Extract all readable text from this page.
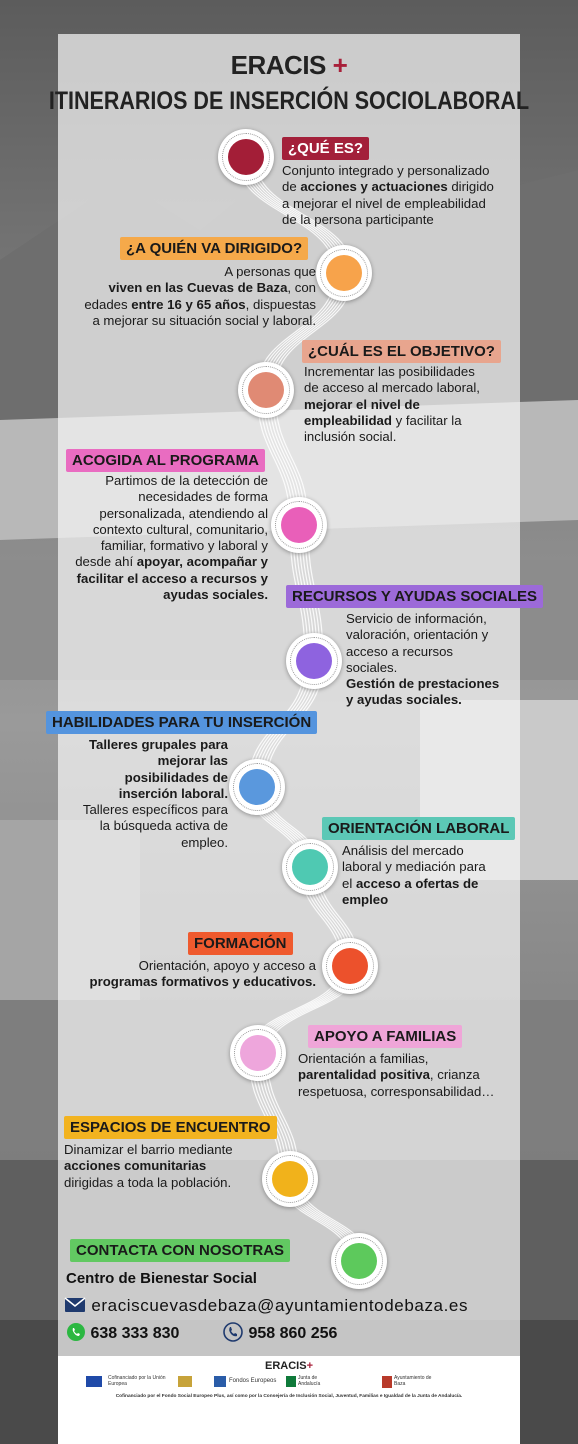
ERACIS +
ITINERARIOS DE INSERCIÓN SOCIOLABORAL
¿QUÉ ES?
Conjunto integrado y personalizado
de acciones y actuaciones dirigido
a mejorar el nivel de empleabilidad
de la persona participante
¿A QUIÉN VA DIRIGIDO?
A personas que
viven en las Cuevas de Baza, con
edades entre 16 y 65 años, dispuestas
a mejorar su situación social y laboral.
¿CUÁL ES EL OBJETIVO?
Incrementar las posibilidades
de acceso al mercado laboral,
mejorar el nivel de
empleabilidad y facilitar la
inclusión social.
ACOGIDA AL PROGRAMA
Partimos de la detección de
necesidades de forma
personalizada, atendiendo al
contexto cultural, comunitario,
familiar, formativo y laboral y
desde ahí apoyar, acompañar y
facilitar el acceso a recursos y
ayudas sociales.	RECURSOS Y AYUDAS SOCIALES
Servicio de información,
valoración, orientación y
acceso a recursos
sociales.
Gestión de prestaciones
y ayudas sociales.
HABILIDADES PARA TU INSERCIÓN
Talleres grupales para
mejorar las
posibilidades de
inserción laboral.
Talleres específicos para
la búsqueda activa de
empleo.
ORIENTACIÓN LABORAL
Análisis del mercado
laboral y mediación para
el acceso a ofertas de
empleo
FORMACIÓN
Orientación, apoyo y acceso a
programas formativos y educativos.
APOYO A FAMILIAS
Orientación a familias,
parentalidad positiva, crianza
respetuosa, corresponsabilidad…
ESPACIOS DE ENCUENTRO
Dinamizar el barrio mediante
acciones comunitarias
dirigidas a toda la población.
CONTACTA CON NOSOTRAS
Centro de Bienestar Social
eraciscuevasdebaza@ayuntamientodebaza.es
638 333 830	958 860 256
ERACIS+
Cofinanciado por la Unión Europea	Fondos Europeos	Junta de Andalucía
Ayuntamiento de Baza
Cofinanciado por el Fondo Social Europeo Plus, así como por la Consejería de Inclusión Social, Juventud, Familias e Igualdad de la Junta de Andalucía.
